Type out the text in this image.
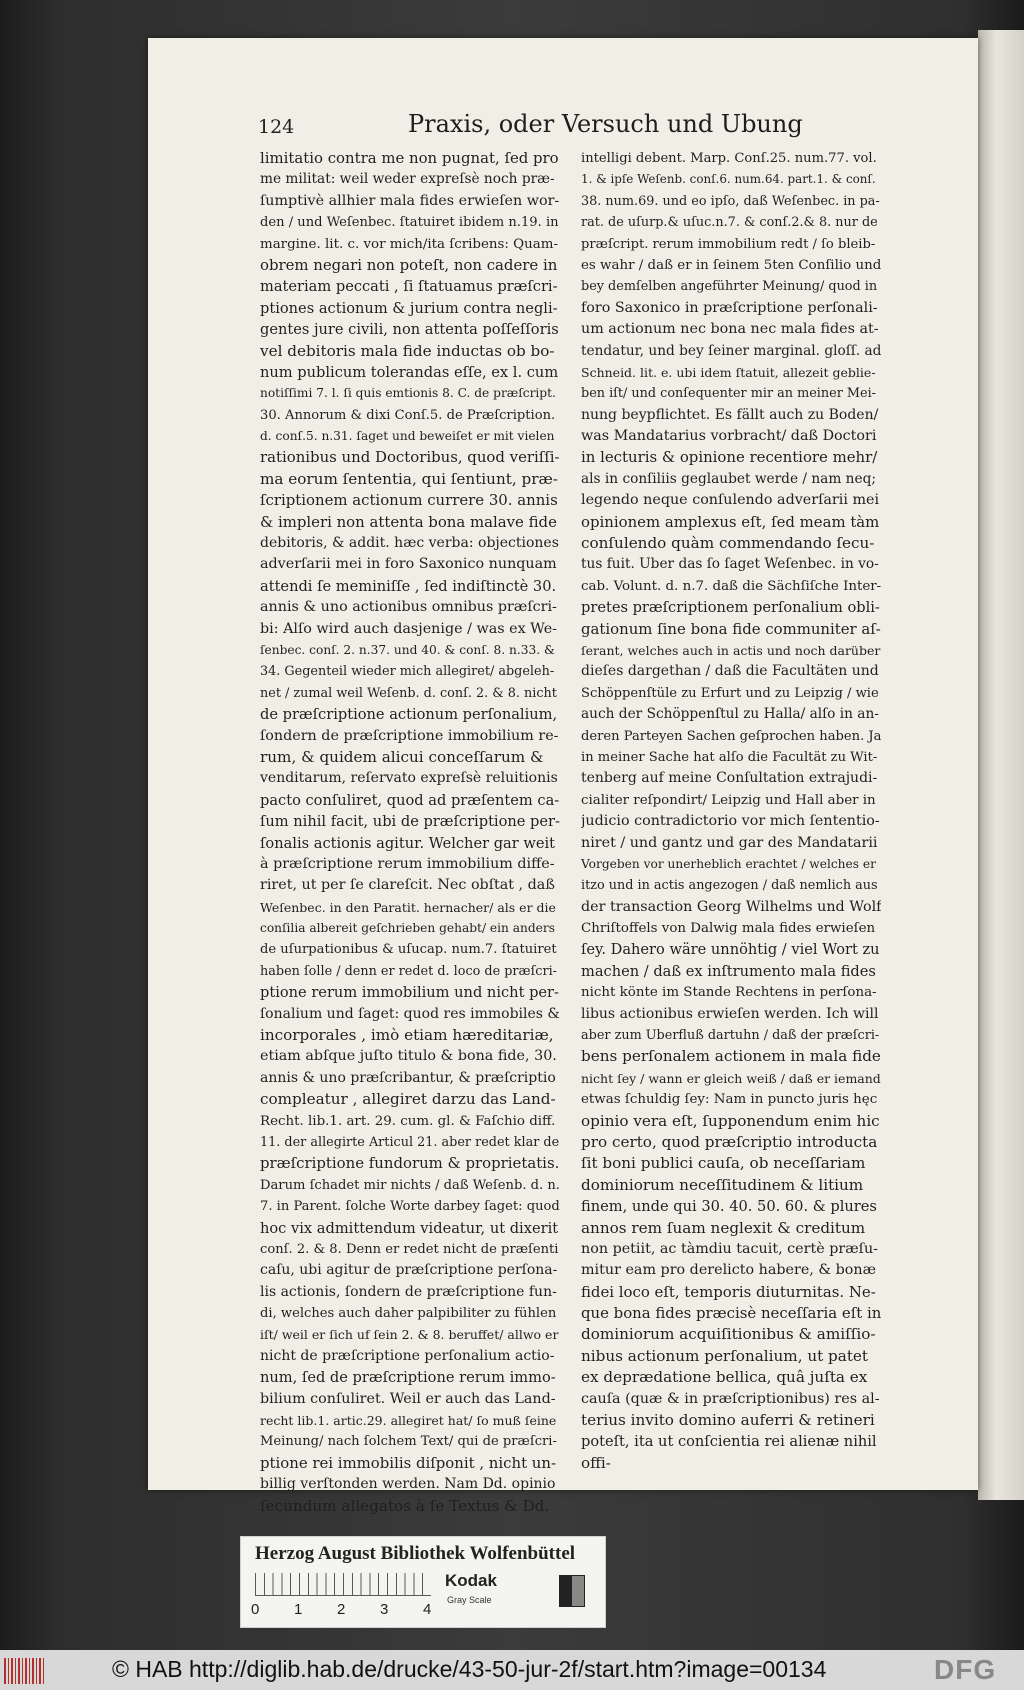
124	Praxis, oder Versuch und Ubung
limitatio contra me non pugnat, ſed pro
me militat: weil weder expreſsè noch præ-
ſumptivè allhier mala fides erwieſen wor-
den / und Weſenbec. ſtatuiret ibidem n.19. in
margine. lit. c. vor mich/ita ſcribens: Quam-
obrem negari non poteſt, non cadere in
materiam peccati , ſi ſtatuamus præſcri-
ptiones actionum & jurium contra negli-
gentes jure civili, non attenta poſſeſſoris
vel debitoris mala fide inductas ob bo-
num publicum tolerandas eſſe, ex l. cum
notiſſimi 7. l. ſi quis emtionis 8. C. de præſcript.
30. Annorum & dixi Conſ.5. de Præſcription.
d. conſ.5. n.31. ſaget und beweiſet er mit vielen
rationibus und Doctoribus, quod veriſſi-
ma eorum ſententia, qui ſentiunt, præ-
ſcriptionem actionum currere 30. annis
& impleri non attenta bona malave fide
debitoris, & addit. hæc verba: objectiones
adverſarii mei in foro Saxonico nunquam
attendi ſe meminiſſe , ſed indiſtinctè 30.
annis & uno actionibus omnibus præſcri-
bi: Alſo wird auch dasjenige / was ex We-
ſenbec. conſ. 2. n.37. und 40. & conſ. 8. n.33. &
34. Gegenteil wieder mich allegiret/ abgeleh-
net / zumal weil Weſenb. d. conſ. 2. & 8. nicht
de præſcriptione actionum perſonalium,
ſondern de præſcriptione immobilium re-
rum, & quidem alicui conceſſarum &
venditarum, reſervato expreſsè reluitionis
pacto conſuliret, quod ad præſentem ca-
ſum nihil facit, ubi de præſcriptione per-
ſonalis actionis agitur. Welcher gar weit
à præſcriptione rerum immobilium diffe-
riret, ut per ſe clareſcit. Nec obſtat , daß
Weſenbec. in den Paratit. hernacher/ als er die
conſilia albereit geſchrieben gehabt/ ein anders
de uſurpationibus & uſucap. num.7. ſtatuiret
haben ſolle / denn er redet d. loco de præſcri-
ptione rerum immobilium und nicht per-
ſonalium und ſaget: quod res immobiles &
incorporales , imò etiam hæreditariæ,
etiam abſque juſto titulo & bona fide, 30.
annis & uno præſcribantur, & præſcriptio
compleatur , allegiret darzu das Land-
Recht. lib.1. art. 29. cum. gl. & Faſchio diff.
11. der allegirte Articul 21. aber redet klar de
præſcriptione fundorum & proprietatis.
Darum ſchadet mir nichts / daß Weſenb. d. n.
7. in Parent. ſolche Worte darbey ſaget: quod
hoc vix admittendum videatur, ut dixerit
conſ. 2. & 8. Denn er redet nicht de præſenti
caſu, ubi agitur de præſcriptione perſona-
lis actionis, ſondern de præſcriptione fun-
di, welches auch daher palpibiliter zu fühlen
iſt/ weil er ſich uf ſein 2. & 8. beruffet/ allwo er
nicht de præſcriptione perſonalium actio-
num, ſed de præſcriptione rerum immo-
bilium conſuliret. Weil er auch das Land-
recht lib.1. artic.29. allegiret hat/ ſo muß ſeine
Meinung/ nach ſolchem Text/ qui de præſcri-
ptione rei immobilis diſponit , nicht un-
billig verſtonden werden. Nam Dd. opinio
ſecundum allegatos à ſe Textus & Dd.
intelligi debent. Marp. Conſ.25. num.77. vol.
1. & ipſe Weſenb. conſ.6. num.64. part.1. & conſ.
38. num.69. und eo ipſo, daß Weſenbec. in pa-
rat. de uſurp.& uſuc.n.7. & conſ.2.& 8. nur de
præſcript. rerum immobilium redt / ſo bleib-
es wahr / daß er in ſeinem 5ten Conſilio und
bey demſelben angeführter Meinung/ quod in
foro Saxonico in præſcriptione perſonali-
um actionum nec bona nec mala fides at-
tendatur, und bey ſeiner marginal. gloſſ. ad
Schneid. lit. e. ubi idem ſtatuit, allezeit geblie-
ben iſt/ und conſequenter mir an meiner Mei-
nung beypflichtet. Es fällt auch zu Boden/
was Mandatarius vorbracht/ daß Doctori
in lecturis & opinione recentiore mehr/
als in conſiliis geglaubet werde / nam neq;
legendo neque conſulendo adverſarii mei
opinionem amplexus eſt, ſed meam tàm
conſulendo quàm commendando ſecu-
tus fuit. Uber das ſo ſaget Weſenbec. in vo-
cab. Volunt. d. n.7. daß die Sächſiſche Inter-
pretes præſcriptionem perſonalium obli-
gationum ſine bona fide communiter aſ-
ſerant, welches auch in actis und noch darüber
dieſes dargethan / daß die Facultäten und
Schöppenſtüle zu Erfurt und zu Leipzig / wie
auch der Schöppenſtul zu Halla/ alſo in an-
deren Parteyen Sachen geſprochen haben. Ja
in meiner Sache hat alſo die Facultät zu Wit-
tenberg auf meine Conſultation extrajudi-
cialiter reſpondirt/ Leipzig und Hall aber in
judicio contradictorio vor mich ſententio-
niret / und gantz und gar des Mandatarii
Vorgeben vor unerheblich erachtet / welches er
itzo und in actis angezogen / daß nemlich aus
der transaction Georg Wilhelms und Wolf
Chriſtoffels von Dalwig mala fides erwieſen
ſey. Dahero wäre unnöhtig / viel Wort zu
machen / daß ex inſtrumento mala fides
nicht könte im Stande Rechtens in perſona-
libus actionibus erwieſen werden. Ich will
aber zum Uberfluß dartuhn / daß der præſcri-
bens perſonalem actionem in mala fide
nicht ſey / wann er gleich weiß / daß er iemand
etwas ſchuldig ſey: Nam in puncto juris hęc
opinio vera eſt, ſupponendum enim hic
pro certo, quod præſcriptio introducta
ſit boni publici cauſa, ob neceſſariam
dominiorum neceſſitudinem & litium
finem, unde qui 30. 40. 50. 60. & plures
annos rem ſuam neglexit & creditum
non petiit, ac tàmdiu tacuit, certè præſu-
mitur eam pro derelicto habere, & bonæ
fidei loco eſt, temporis diuturnitas. Ne-
que bona fides præcisè neceſſaria eſt in
dominiorum acquiſitionibus & amiſſio-
nibus actionum perſonalium, ut patet
ex deprædatione bellica, quâ juſta ex
cauſa (quæ & in præſcriptionibus) res al-
terius invito domino auferri & retineri
poteſt, ita ut conſcientia rei alienæ nihil
offi-
Herzog August Bibliothek Wolfenbüttel
0 1 2 3 4
Kodak
Gray Scale
© HAB http://diglib.hab.de/drucke/43-50-jur-2f/start.htm?image=00134	DFG
